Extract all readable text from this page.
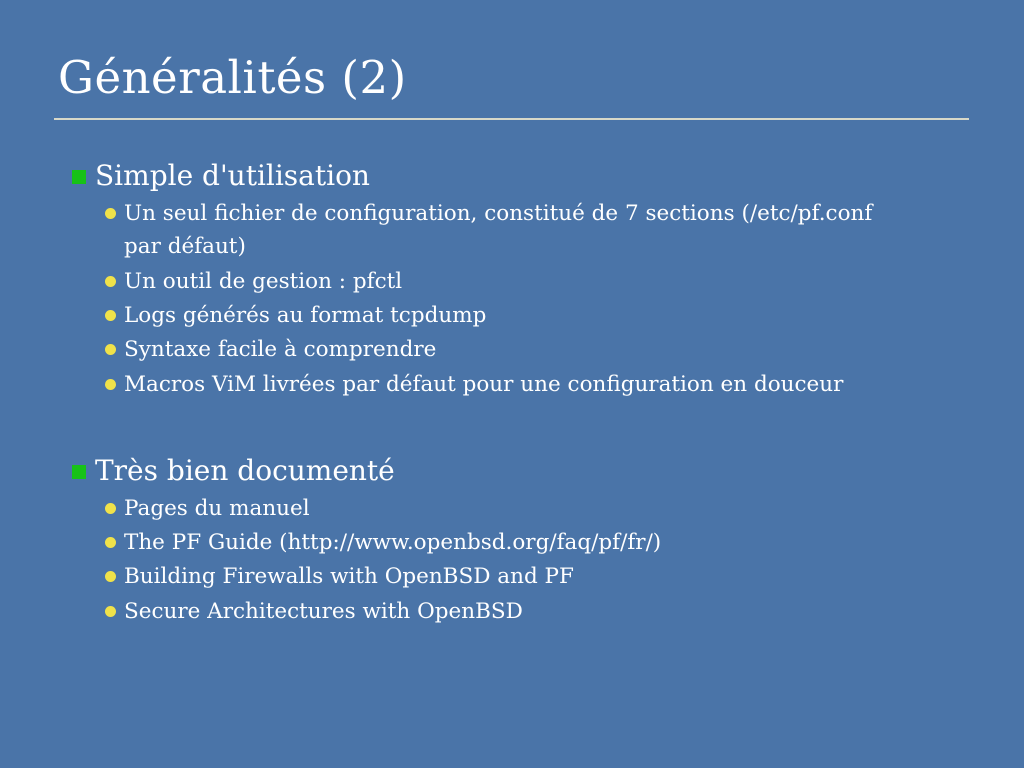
Généralités (2)
Simple d'utilisation
Un seul fichier de configuration, constitué de 7 sections (/etc/pf.conf par défaut)
Un outil de gestion : pfctl
Logs générés au format tcpdump
Syntaxe facile à comprendre
Macros ViM livrées par défaut pour une configuration en douceur
Très bien documenté
Pages du manuel
The PF Guide (http://www.openbsd.org/faq/pf/fr/)
Building Firewalls with OpenBSD and PF
Secure Architectures with OpenBSD
